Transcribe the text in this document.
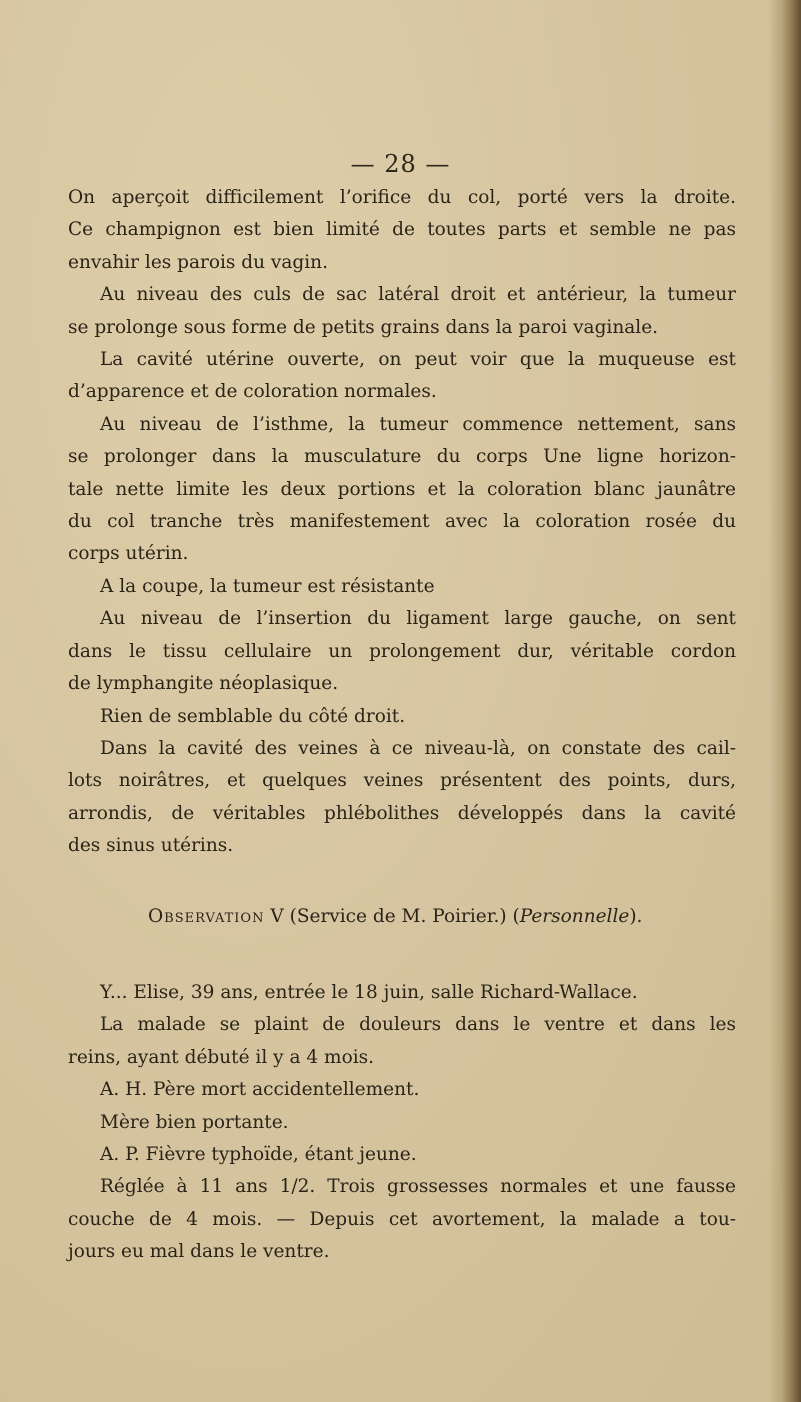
— 28 —
On aperçoit difficilement l’orifice du col, porté vers la droite.
Ce champignon est bien limité de toutes parts et semble ne pas
envahir les parois du vagin.
Au niveau des culs de sac latéral droit et antérieur, la tumeur
se prolonge sous forme de petits grains dans la paroi vaginale.
La cavité utérine ouverte, on peut voir que la muqueuse est
d’apparence et de coloration normales.
Au niveau de l’isthme, la tumeur commence nettement, sans
se prolonger dans la musculature du corps Une ligne horizon-
tale nette limite les deux portions et la coloration blanc jaunâtre
du col tranche très manifestement avec la coloration rosée du
corps utérin.
A la coupe, la tumeur est résistante
Au niveau de l’insertion du ligament large gauche, on sent
dans le tissu cellulaire un prolongement dur, véritable cordon
de lymphangite néoplasique.
Rien de semblable du côté droit.
Dans la cavité des veines à ce niveau-là, on constate des cail-
lots noirâtres, et quelques veines présentent des points, durs,
arrondis, de véritables phlébolithes développés dans la cavité
des sinus utérins.
Observation V (Service de M. Poirier.) (Personnelle).
Y... Elise, 39 ans, entrée le 18 juin, salle Richard-Wallace.
La malade se plaint de douleurs dans le ventre et dans les
reins, ayant débuté il y a 4 mois.
A. H. Père mort accidentellement.
Mère bien portante.
A. P. Fièvre typhoïde, étant jeune.
Réglée à 11 ans 1/2. Trois grossesses normales et une fausse
couche de 4 mois. — Depuis cet avortement, la malade a tou-
jours eu mal dans le ventre.
